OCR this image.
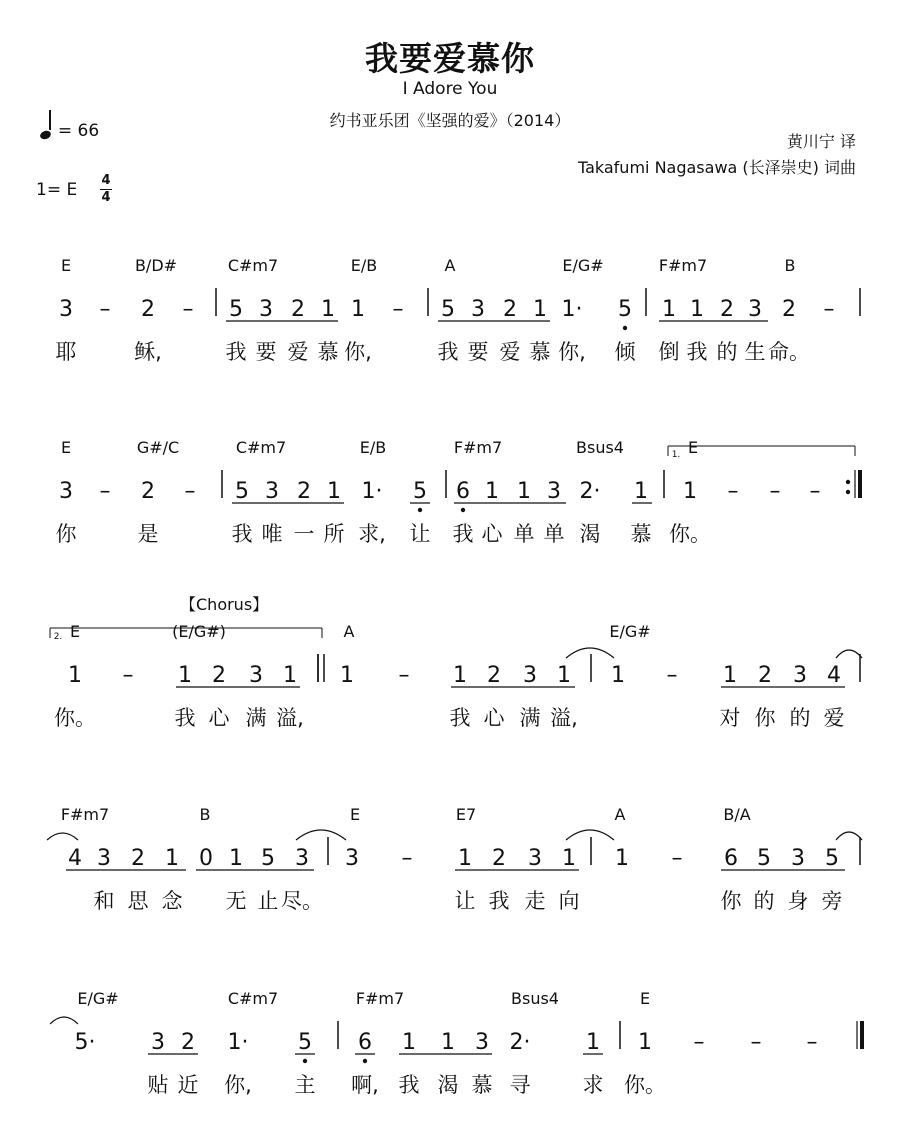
我要爱慕你
I Adore You
约书亚乐团《坚强的爱》（2014）
黄川宁 译
Takafumi Nagasawa (长泽崇史) 词曲
= 66
1= E 4
4
【Chorus】
E	B/D#	C#m7	E/B	A	E/G#	F#m7	B
3 – 2 – 5 3 2 1 1 – 5 3 2 1 1· 5 1 1 2 3 2 –
耶	稣,	我 要 爱 慕 你,	我 要 爱 慕 你, 倾 倒 我 的 生 命。
E	G#/C	C#m7	E/B	F#m7	Bsus4	E
3 – 2 – 5 3 2 1 1· 5 6 1 1 3 2· 1 1 – – –
你	是	我 唯 一 所 求, 让 我 心 单 单 渴 慕 你。
1.
E	(E/G#)	A	E/G#
1 – 1 2 3 1 1 – 1 2 3 1 1 – 1 2 3 4
你。	我 心 满 溢,	我 心 满 溢,	对 你 的 爱
2.
F#m7	B	E	E7	A	B/A
4 3 2 1 0 1 5 3 3 – 1 2 3 1 1 – 6 5 3 5
和 思 念 无 止 尽。	让 我 走 向	你 的 身 旁
E/G#	C#m7	F#m7	Bsus4	E
5·	3 2 1· 5 6 1 1 3 2·	1 1 – – –
贴 近 你, 主 啊, 我 渴 慕 寻 求 你。
